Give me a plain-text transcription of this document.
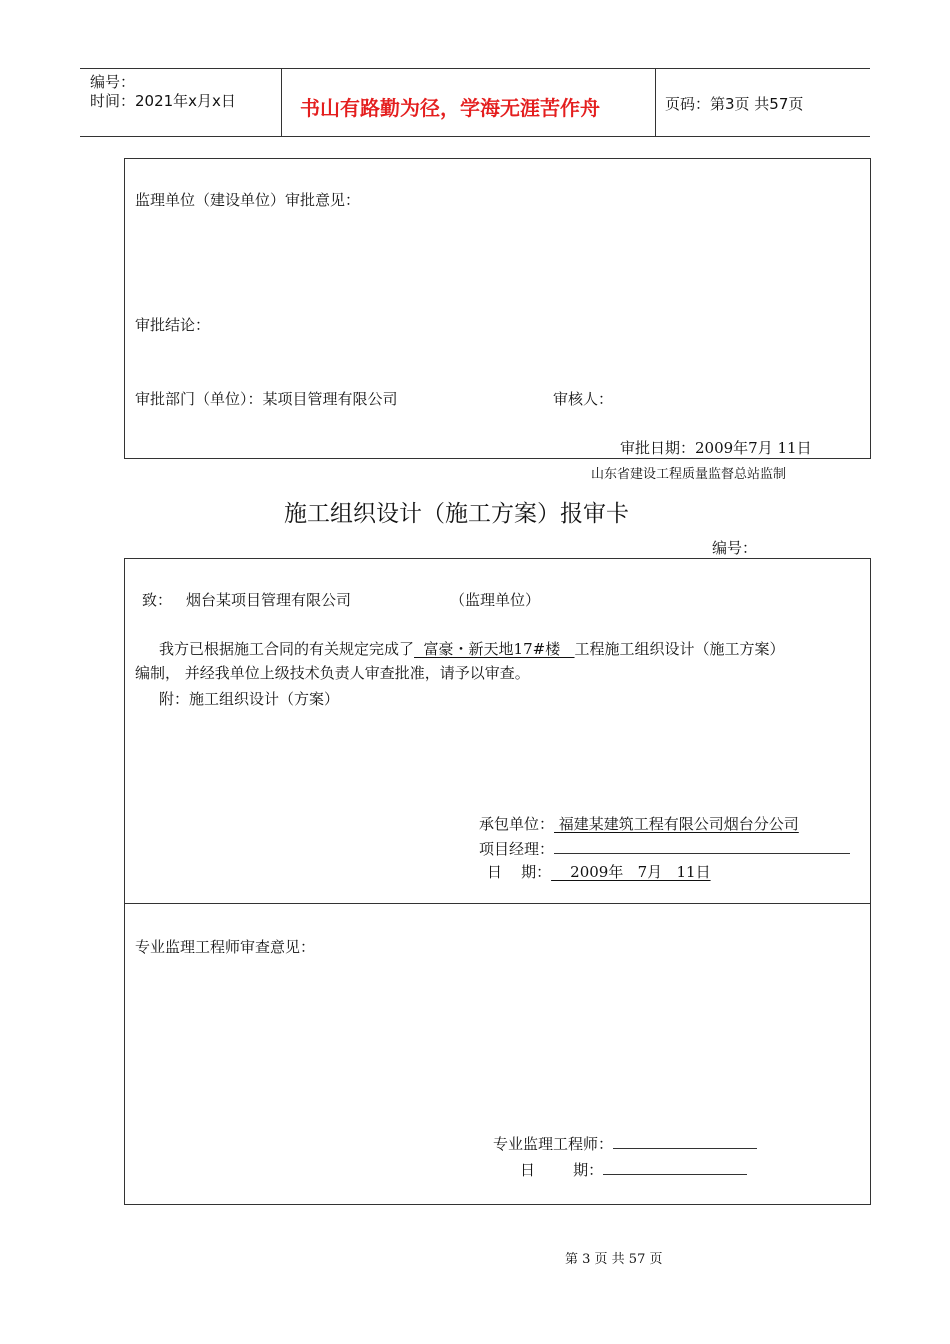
编号：
时间：2021年x月x日	书山有路勤为径，学海无涯苦作舟	页码：第3页 共57页
监理单位（建设单位）审批意见：
审批结论：
审批部门（单位）：某项目管理有限公司	审核人：
审批日期：2009年7月 11日
山东省建设工程质量监督总站监制
施工组织设计（施工方案）报审卡
编号：
致： 烟台某项目管理有限公司	（监理单位）
我方已根据施工合同的有关规定完成了  富豪・新天地17#楼   工程施工组织设计（施工方案）
编制， 并经我单位上级技术负责人审查批准，请予以审查。
附：施工组织设计（方案）
承包单位： 福建某建筑工程有限公司烟台分公司
项目经理：
日    期：    2009年   7月   11日
专业监理工程师审查意见：
专业监理工程师：
日        期：
第 3 页 共 57 页
